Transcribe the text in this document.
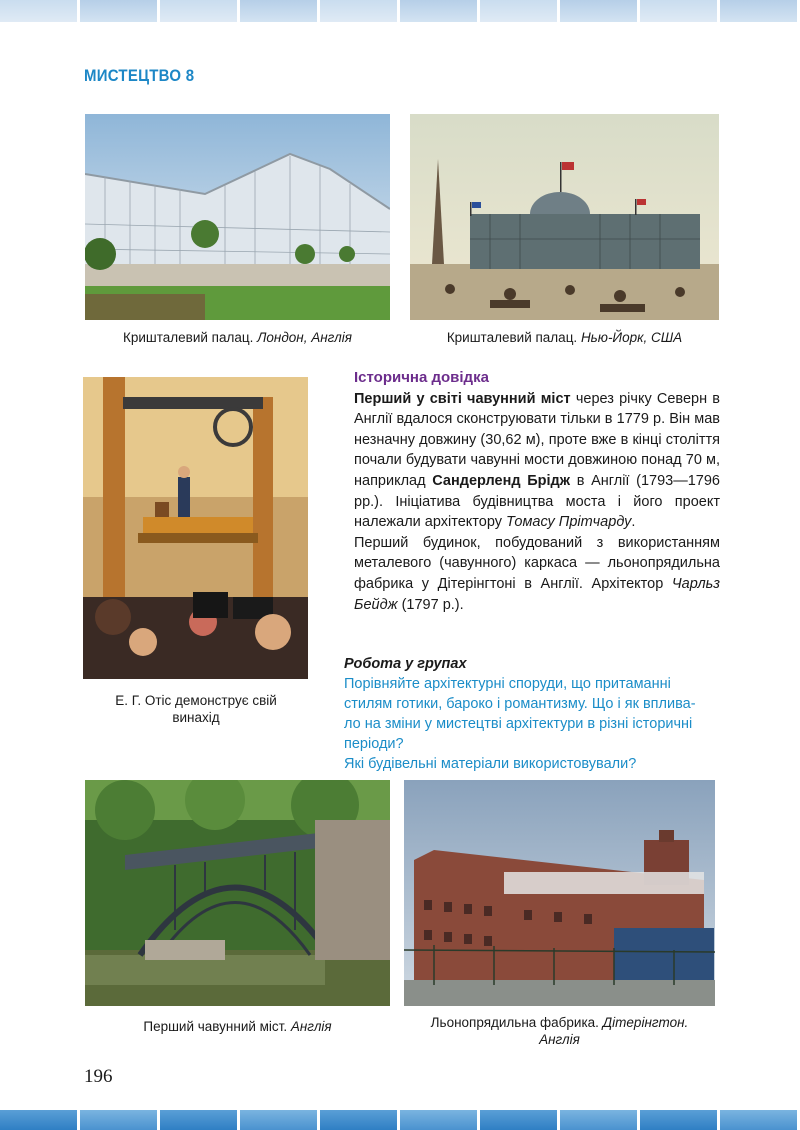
МИСТЕЦТВО 8
Кришталевий палац. Лондон, Англія	Кришталевий палац. Нью-Йорк, США
Е. Г. Отіс демонструє свій
винахід
Історична довідка

Перший у світі чавунний міст через річку Северн в Англії вдалося сконструювати тільки в 1779 р. Він мав незначну довжину (30,62 м), проте вже в кінці століття почали будувати чавунні мости довжиною понад 70 м, наприклад Сандерленд Брідж в Англії (1793—1796 рр.). Ініціатива будівництва моста і його проект належали архітектору Томасу Прітчарду.

Перший будинок, побудований з використанням металевого (чавунного) каркаса — льонопрядильна фабрика у Дітерінгтоні в Англії. Архітектор Чарльз Бейдж (1797 р.).

Робота у групах
Порівняйте архітектурні споруди, що притаманні
стилям готики, бароко і романтизму. Що і як вплива-
ло на зміни у мистецтві архітектури в різні історичні
періоди?
Які будівельні матеріали використовували?
Перший чавунний міст. Англія	Льонопрядильна фабрика. Дітерінгтон.
Англія
196
